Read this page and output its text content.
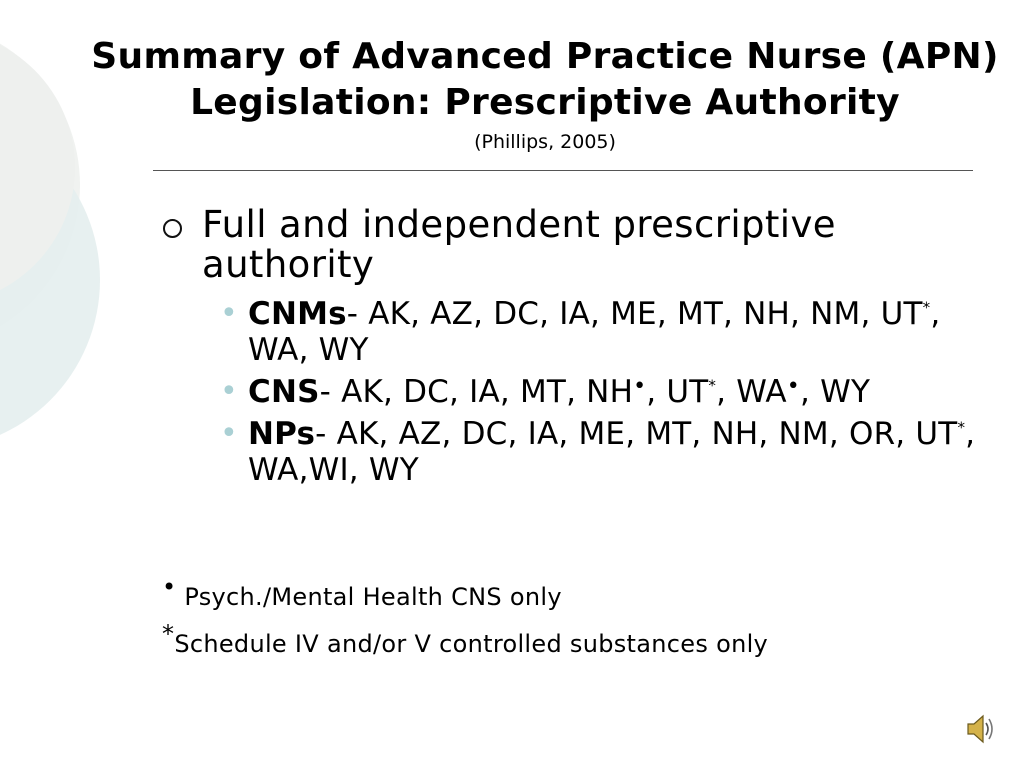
Summary of Advanced Practice Nurse (APN) Legislation: Prescriptive Authority
(Phillips, 2005)
Full and independent prescriptive authority
• CNMs- AK, AZ, DC, IA, ME, MT, NH, NM, UT*, WA, WY
• CNS- AK, DC, IA, MT, NH•, UT*, WA•, WY
• NPs- AK, AZ, DC, IA, ME, MT, NH, NM, OR, UT*, WA,WI, WY
• Psych./Mental Health CNS only
*Schedule IV and/or V controlled substances only
